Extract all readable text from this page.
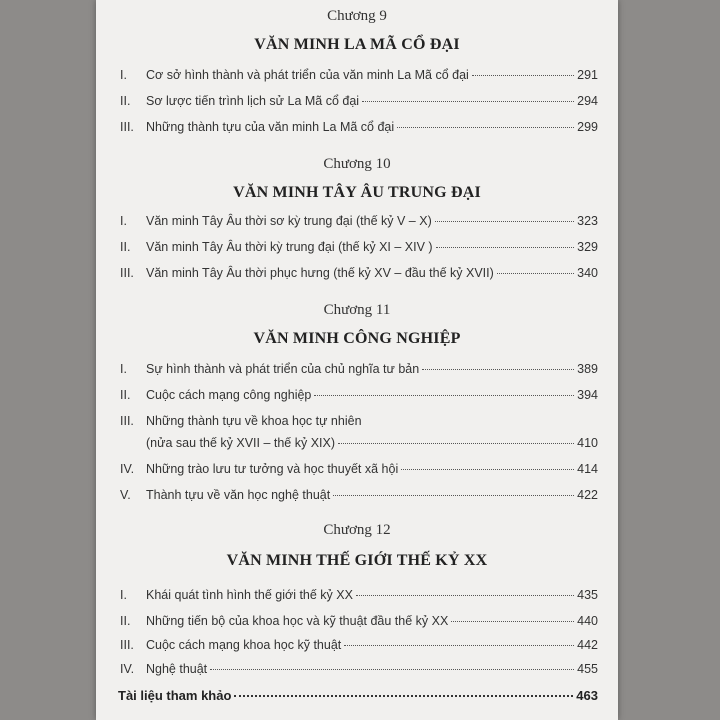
Chương 9
VĂN MINH LA MÃ CỔ ĐẠI
I.	Cơ sở hình thành và phát triển của văn minh La Mã cổ đại	291
II.	Sơ lược tiến trình lịch sử La Mã cổ đại	294
III. Những thành tựu của văn minh La Mã cổ đại	299
Chương 10
VĂN MINH TÂY ÂU TRUNG ĐẠI
I.	Văn minh Tây Âu thời sơ kỳ trung đại (thế kỷ V – X)	323
II.	Văn minh Tây Âu thời kỳ trung đại (thế kỷ XI – XIV )	329
III. Văn minh Tây Âu thời phục hưng (thế kỷ XV – đầu thế kỷ XVII)	340
Chương 11
VĂN MINH CÔNG NGHIỆP
I.	Sự hình thành và phát triển của chủ nghĩa tư bản	389
II.	Cuộc cách mạng công nghiệp	394
III. Những thành tựu về khoa học tự nhiên
(nửa sau thế kỷ XVII – thế kỷ XIX)	410
IV. Những trào lưu tư tưởng và học thuyết xã hội	414
V.	Thành tựu về văn học nghệ thuật	422
Chương 12
VĂN MINH THẾ GIỚI THẾ KỶ XX
I.	Khái quát tình hình thế giới thế kỷ XX	435
II.	Những tiến bộ của khoa học và kỹ thuật đầu thế kỷ XX	440
III. Cuộc cách mạng khoa học kỹ thuật	442
IV. Nghệ thuật	455
Tài liệu tham khảo	463
